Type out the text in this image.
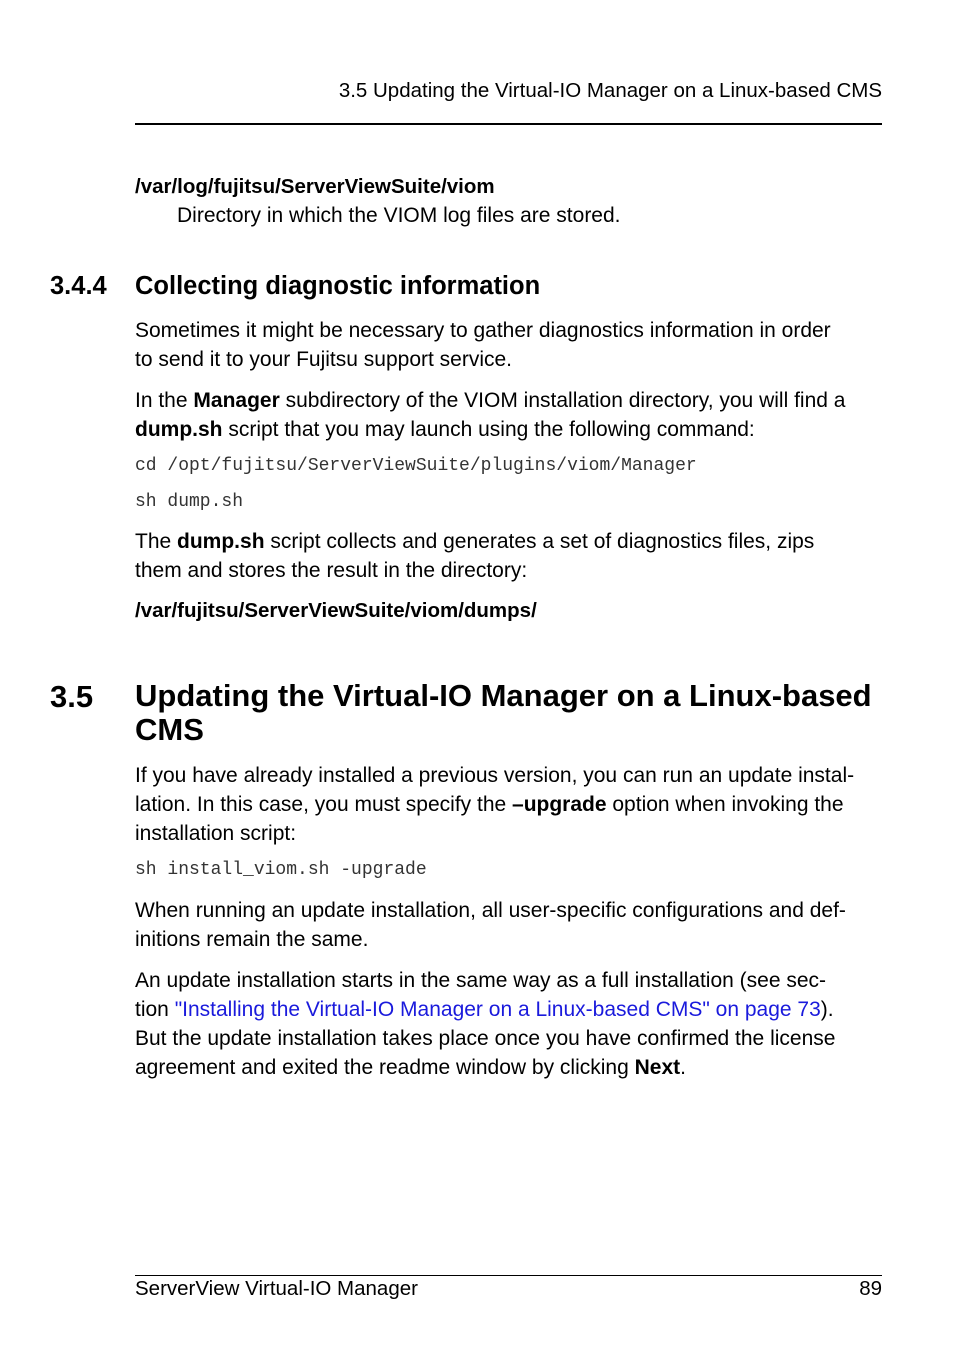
3.5 Updating the Virtual-IO Manager on a Linux-based CMS
/var/log/fujitsu/ServerViewSuite/viom
Directory in which the VIOM log files are stored.
3.4.4 Collecting diagnostic information
Sometimes it might be necessary to gather diagnostics information in order
to send it to your Fujitsu support service.
In the Manager subdirectory of the VIOM installation directory, you will find a
dump.sh script that you may launch using the following command:
cd /opt/fujitsu/ServerViewSuite/plugins/viom/Manager
sh dump.sh
The dump.sh script collects and generates a set of diagnostics files, zips
them and stores the result in the directory:
/var/fujitsu/ServerViewSuite/viom/dumps/
3.5 Updating the Virtual-IO Manager on a Linux-based
CMS
If you have already installed a previous version, you can run an update instal-
lation. In this case, you must specify the –upgrade option when invoking the
installation script:
sh install_viom.sh -upgrade
When running an update installation, all user-specific configurations and def-
initions remain the same.
An update installation starts in the same way as a full installation (see sec-
tion "Installing the Virtual-IO Manager on a Linux-based CMS" on page 73).
But the update installation takes place once you have confirmed the license
agreement and exited the readme window by clicking Next.
ServerView Virtual-IO Manager	89
